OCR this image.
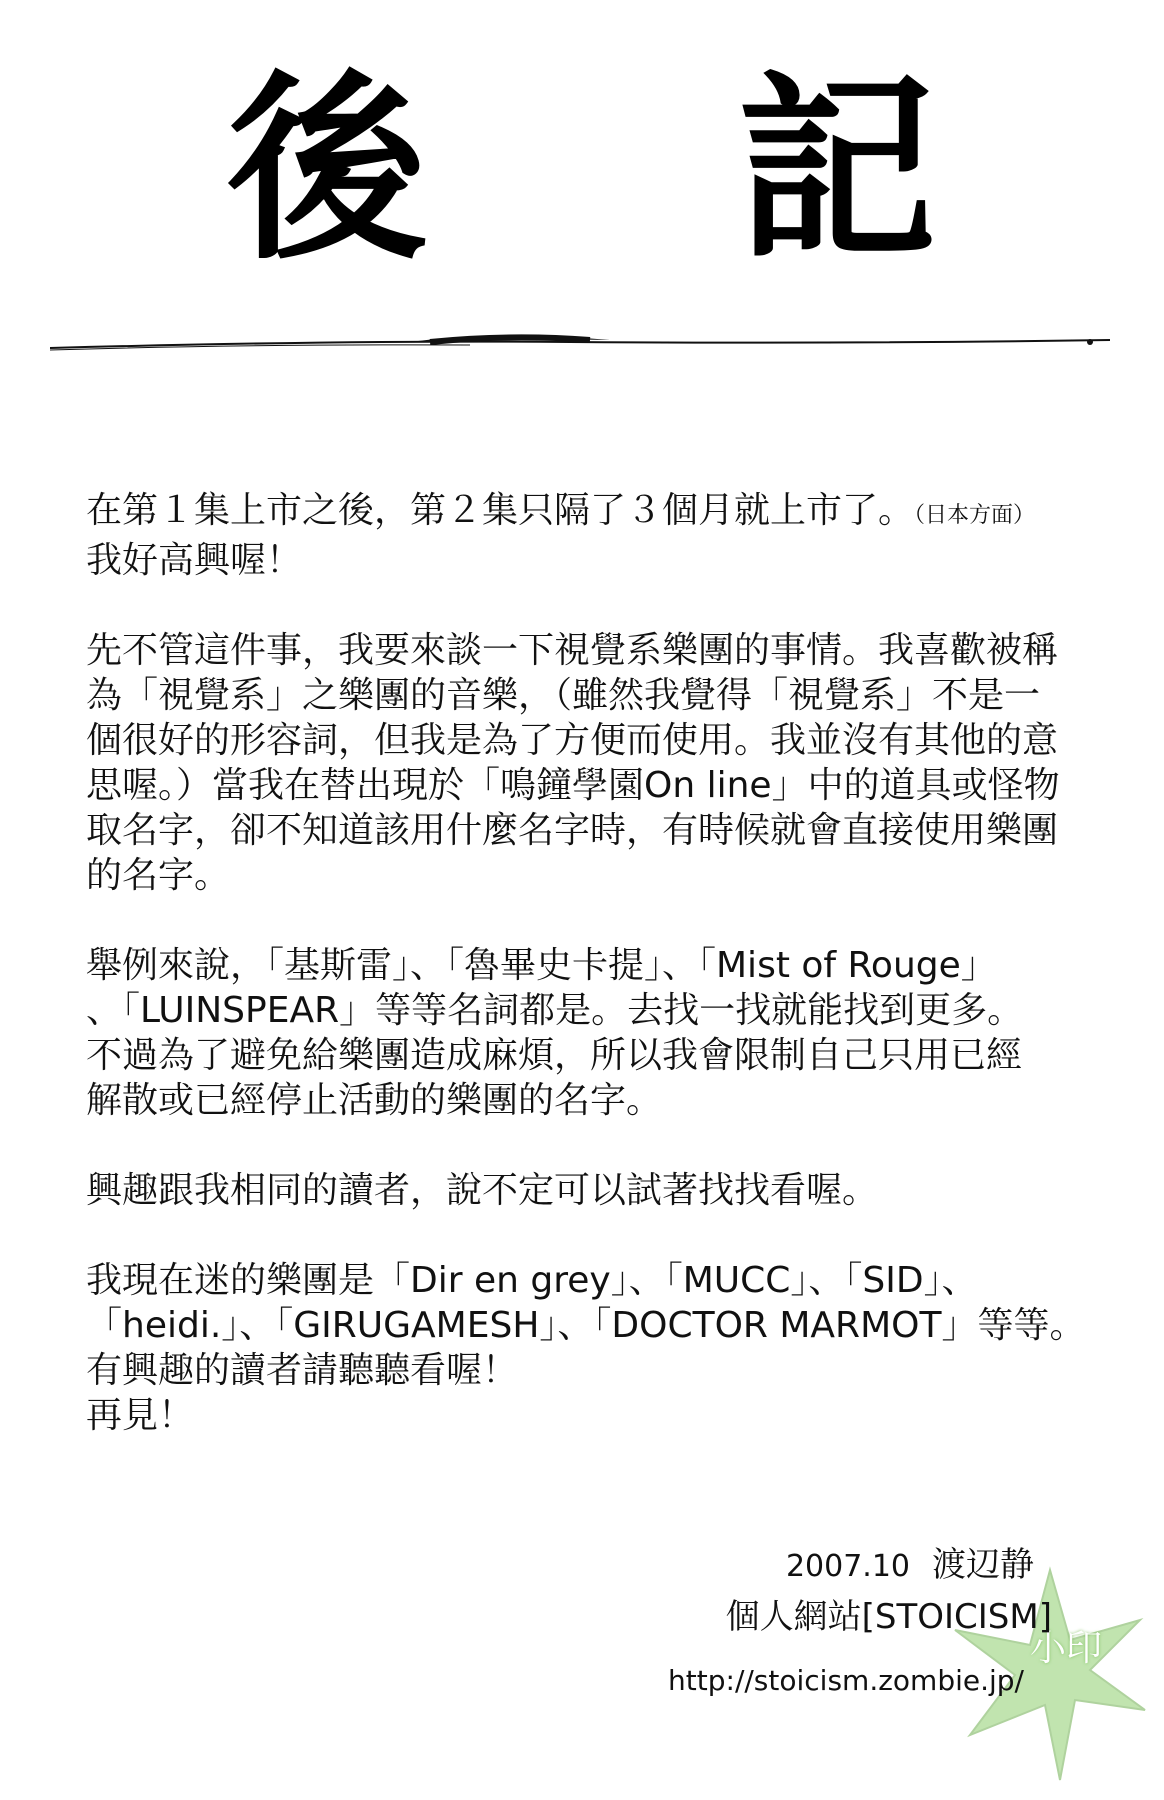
後 記
在第１集上市之後，第２集只隔了３個月就上市了。（日本方面）
我好高興喔！
先不管這件事，我要來談一下視覺系樂團的事情。我喜歡被稱
為「視覺系」之樂團的音樂，（雖然我覺得「視覺系」不是一
個很好的形容詞，但我是為了方便而使用。我並沒有其他的意
思喔。）當我在替出現於「鳴鐘學園On line」中的道具或怪物
取名字，卻不知道該用什麼名字時，有時候就會直接使用樂團
的名字。
舉例來說，「基斯雷」、「魯畢史卡提」、「Mist of Rouge」
、「LUINSPEAR」等等名詞都是。去找一找就能找到更多。
不過為了避免給樂團造成麻煩，所以我會限制自己只用已經
解散或已經停止活動的樂團的名字。
興趣跟我相同的讀者，說不定可以試著找找看喔。
我現在迷的樂團是「Dir en grey」、「MUCC」、「SID」、
「heidi.」、「GIRUGAMESH」、「DOCTOR MARMOT」等等。
有興趣的讀者請聽聽看喔！
再見！
小印
2007.10 渡辺静
個人網站[STOICISM]
http://stoicism.zombie.jp/
